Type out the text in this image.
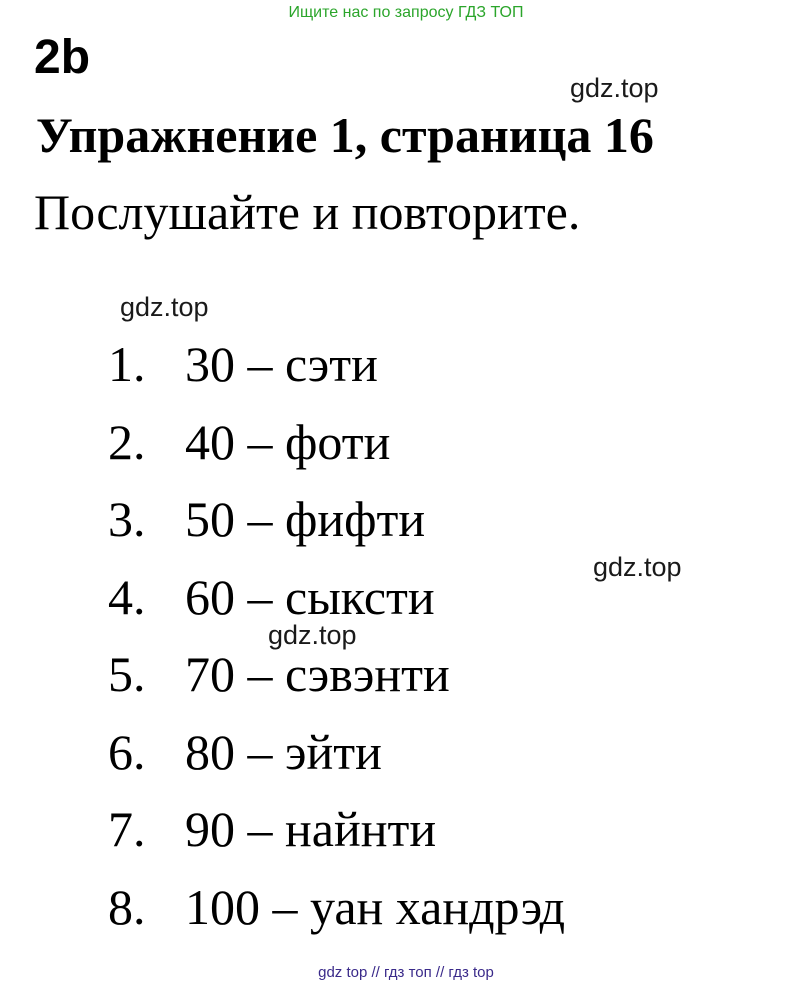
Ищите нас по запросу ГДЗ ТОП
2b
gdz.top
Упражнение 1, страница 16
Послушайте и повторите.
gdz.top
1. 30 – сэти
2. 40 – фоти
3. 50 – фифти
4. 60 – сыксти
5. 70 – сэвэнти
6. 80 – эйти
7. 90 – найнти
8. 100 – уан хандрэд
gdz.top
gdz.top
gdz top // гдз топ // гдз top
